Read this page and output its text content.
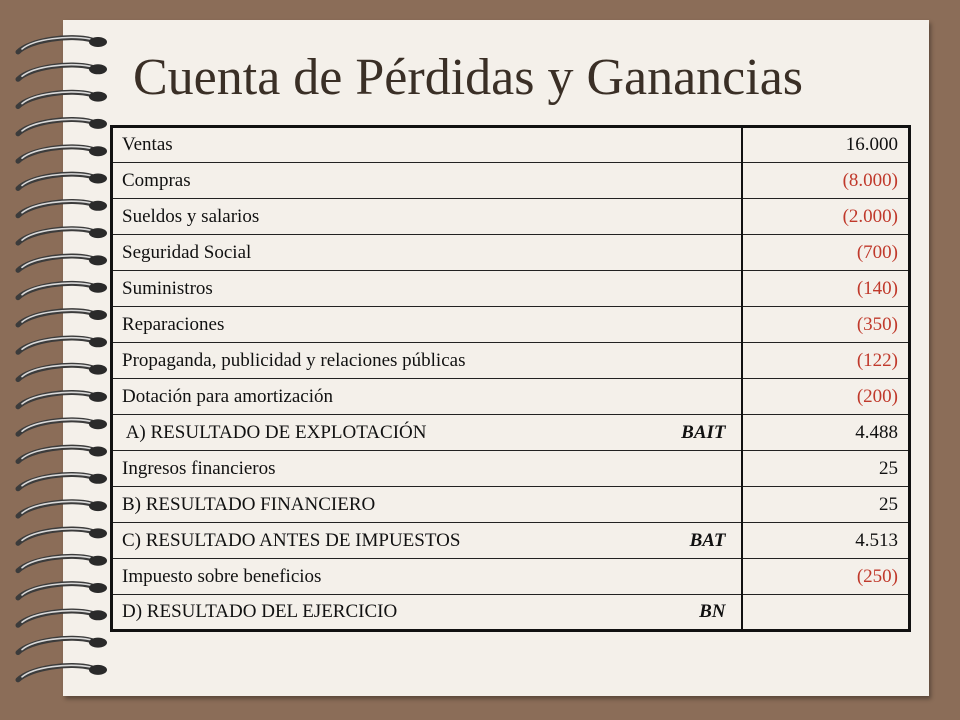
Cuenta de Pérdidas y Ganancias
Ventas	16.000

Compras	(8.000)

Sueldos y salarios	(2.000)

Seguridad Social	(700)

Suministros	(140)

Reparaciones	(350)

Propaganda, publicidad y relaciones públicas	(122)

Dotación para amortización	(200)

A) RESULTADO DE EXPLOTACIÓN BAIT	4.488

Ingresos financieros	25

B) RESULTADO FINANCIERO	25

C) RESULTADO ANTES DE IMPUESTOS BAT	4.513

Impuesto sobre beneficios	(250)

D) RESULTADO DEL EJERCICIO BN	
